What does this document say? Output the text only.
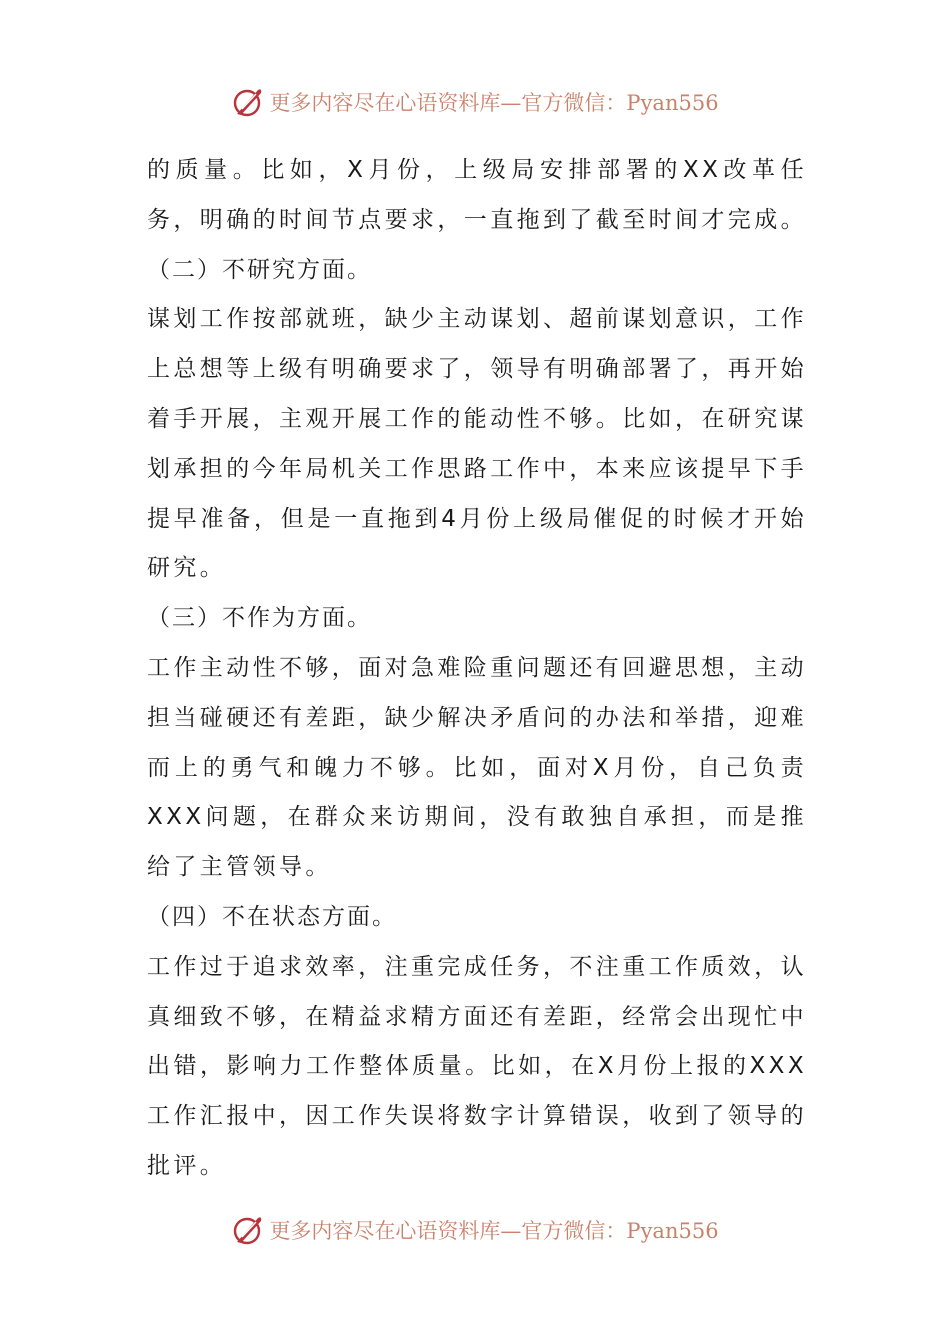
更多内容尽在心语资料库—官方微信：Pyan556

的质量。比如，X月份，上级局安排部署的XX改革任务，明确的时间节点要求，一直拖到了截至时间才完成。

（二）不研究方面。

谋划工作按部就班，缺少主动谋划、超前谋划意识，工作上总想等上级有明确要求了，领导有明确部署了，再开始着手开展，主观开展工作的能动性不够。比如，在研究谋划承担的今年局机关工作思路工作中，本来应该提早下手提早准备，但是一直拖到4月份上级局催促的时候才开始研究。

（三）不作为方面。

工作主动性不够，面对急难险重问题还有回避思想，主动担当碰硬还有差距，缺少解决矛盾问的办法和举措，迎难而上的勇气和魄力不够。比如，面对X月份，自己负责XXX问题，在群众来访期间，没有敢独自承担，而是推给了主管领导。

（四）不在状态方面。

工作过于追求效率，注重完成任务，不注重工作质效，认真细致不够，在精益求精方面还有差距，经常会出现忙中出错，影响力工作整体质量。比如，在X月份上报的XXX工作汇报中，因工作失误将数字计算错误，收到了领导的批评。

更多内容尽在心语资料库—官方微信：Pyan556
